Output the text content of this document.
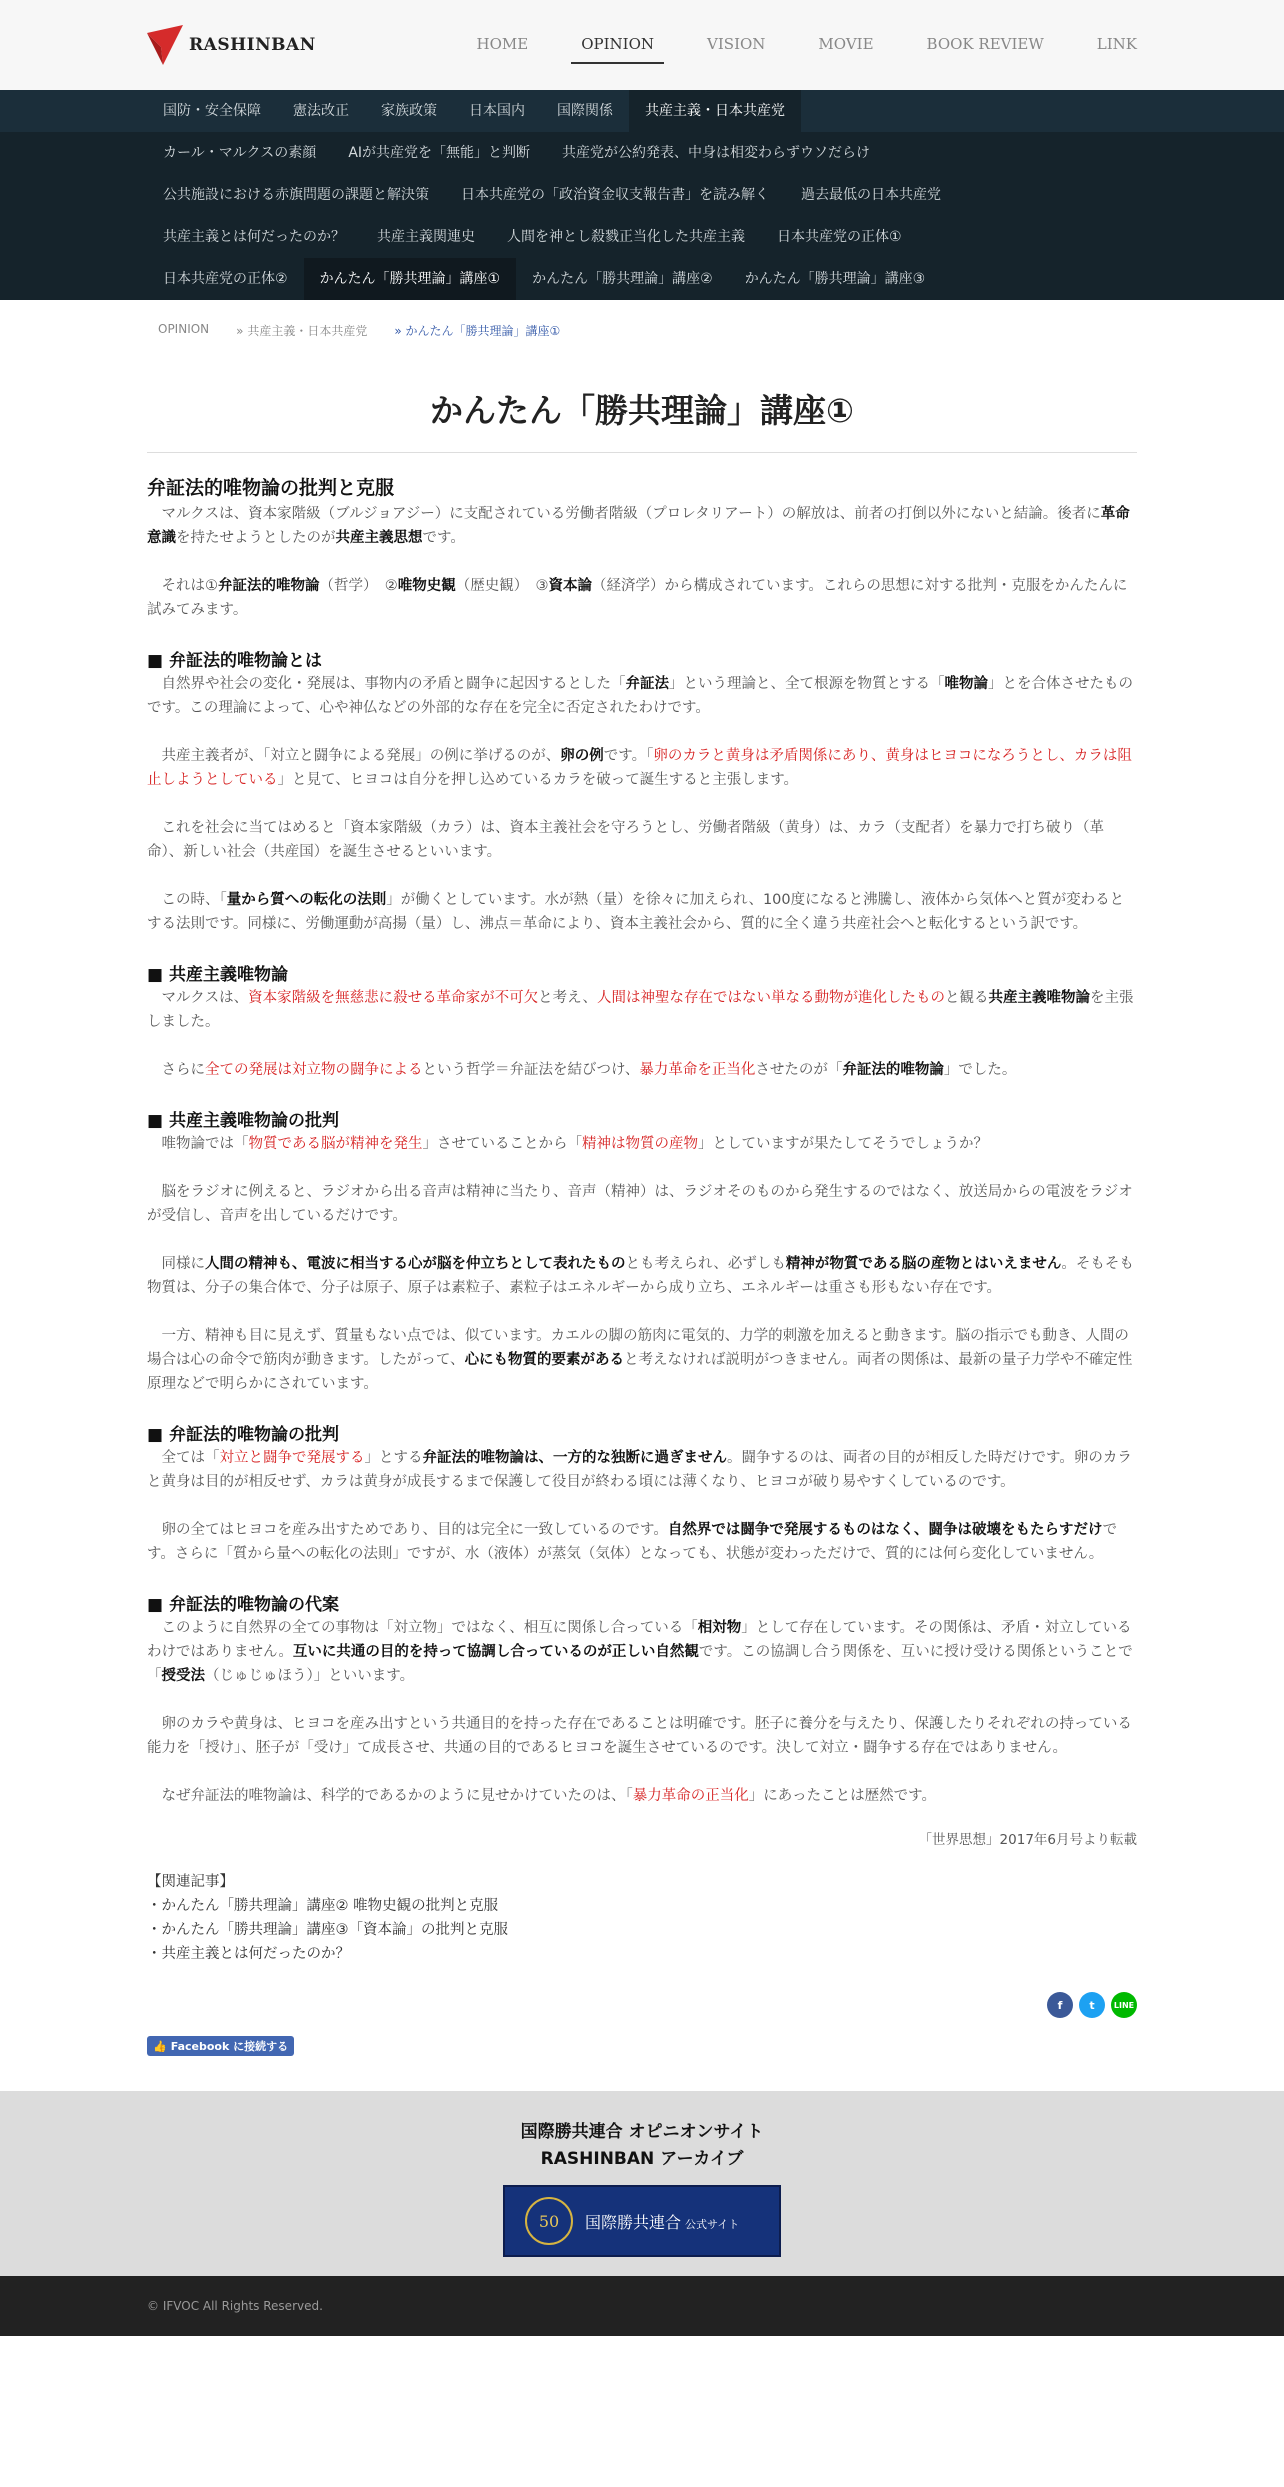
RASHINBAN	HOME	OPINION	VISION	MOVIE	BOOK REVIEW	LINK
国防・安全保障	憲法改正	家族政策	日本国内	国際関係	共産主義・日本共産党
カール・マルクスの素顔	AIが共産党を「無能」と判断	共産党が公約発表、中身は相変わらずウソだらけ
公共施設における赤旗問題の課題と解決策	日本共産党の「政治資金収支報告書」を読み解く	過去最低の日本共産党
共産主義とは何だったのか？	共産主義関連史	人間を神とし殺戮正当化した共産主義	日本共産党の正体①
日本共産党の正体②	かんたん「勝共理論」講座①	かんたん「勝共理論」講座②	かんたん「勝共理論」講座③
OPINION » 共産主義・日本共産党 » かんたん「勝共理論」講座①
かんたん「勝共理論」講座①
弁証法的唯物論の批判と克服

マルクスは、資本家階級（ブルジョアジー）に支配されている労働者階級（プロレタリアート）の解放は、前者の打倒以外にないと結論。後者に革命意識を持たせようとしたのが共産主義思想です。

それは①弁証法的唯物論（哲学）　②唯物史観（歴史観）　③資本論（経済学）から構成されています。これらの思想に対する批判・克服をかんたんに試みてみます。

■ 弁証法的唯物論とは

自然界や社会の変化・発展は、事物内の矛盾と闘争に起因するとした「弁証法」という理論と、全て根源を物質とする「唯物論」とを合体させたものです。この理論によって、心や神仏などの外部的な存在を完全に否定されたわけです。

共産主義者が、「対立と闘争による発展」の例に挙げるのが、卵の例です。「卵のカラと黄身は矛盾関係にあり、黄身はヒヨコになろうとし、カラは阻止しようとしている」と見て、ヒヨコは自分を押し込めているカラを破って誕生すると主張します。

これを社会に当てはめると「資本家階級（カラ）は、資本主義社会を守ろうとし、労働者階級（黄身）は、カラ（支配者）を暴力で打ち破り（革命）、新しい社会（共産国）を誕生させるといいます。

この時、「量から質への転化の法則」が働くとしています。水が熱（量）を徐々に加えられ、100度になると沸騰し、液体から気体へと質が変わるとする法則です。同様に、労働運動が高揚（量）し、沸点＝革命により、資本主義社会から、質的に全く違う共産社会へと転化するという訳です。

■ 共産主義唯物論

マルクスは、資本家階級を無慈悲に殺せる革命家が不可欠と考え、人間は神聖な存在ではない単なる動物が進化したものと観る共産主義唯物論を主張しました。

さらに全ての発展は対立物の闘争によるという哲学＝弁証法を結びつけ、暴力革命を正当化させたのが「弁証法的唯物論」でした。

■ 共産主義唯物論の批判

唯物論では「物質である脳が精神を発生」させていることから「精神は物質の産物」としていますが果たしてそうでしょうか？

脳をラジオに例えると、ラジオから出る音声は精神に当たり、音声（精神）は、ラジオそのものから発生するのではなく、放送局からの電波をラジオが受信し、音声を出しているだけです。

同様に人間の精神も、電波に相当する心が脳を仲立ちとして表れたものとも考えられ、必ずしも精神が物質である脳の産物とはいえません。そもそも物質は、分子の集合体で、分子は原子、原子は素粒子、素粒子はエネルギーから成り立ち、エネルギーは重さも形もない存在です。

一方、精神も目に見えず、質量もない点では、似ています。カエルの脚の筋肉に電気的、力学的刺激を加えると動きます。脳の指示でも動き、人間の場合は心の命令で筋肉が動きます。したがって、心にも物質的要素があると考えなければ説明がつきません。両者の関係は、最新の量子力学や不確定性原理などで明らかにされています。

■ 弁証法的唯物論の批判

全ては「対立と闘争で発展する」とする弁証法的唯物論は、一方的な独断に過ぎません。闘争するのは、両者の目的が相反した時だけです。卵のカラと黄身は目的が相反せず、カラは黄身が成長するまで保護して役目が終わる頃には薄くなり、ヒヨコが破り易やすくしているのです。

卵の全てはヒヨコを産み出すためであり、目的は完全に一致しているのです。自然界では闘争で発展するものはなく、闘争は破壊をもたらすだけです。さらに「質から量への転化の法則」ですが、水（液体）が蒸気（気体）となっても、状態が変わっただけで、質的には何ら変化していません。

■ 弁証法的唯物論の代案

このように自然界の全ての事物は「対立物」ではなく、相互に関係し合っている「相対物」として存在しています。その関係は、矛盾・対立しているわけではありません。互いに共通の目的を持って協調し合っているのが正しい自然観です。この協調し合う関係を、互いに授け受ける関係ということで「授受法（じゅじゅほう）」といいます。

卵のカラや黄身は、ヒヨコを産み出すという共通目的を持った存在であることは明確です。胚子に養分を与えたり、保護したりそれぞれの持っている能力を「授け」、胚子が「受け」て成長させ、共通の目的であるヒヨコを誕生させているのです。決して対立・闘争する存在ではありません。

なぜ弁証法的唯物論は、科学的であるかのように見せかけていたのは、「暴力革命の正当化」にあったことは歴然です。

「世界思想」2017年6月号より転載
【関連記事】
・かんたん「勝共理論」講座② 唯物史観の批判と克服
・かんたん「勝共理論」講座③「資本論」の批判と克服
・共産主義とは何だったのか？
f	t	LINE
👍 Facebook に接続する
国際勝共連合 オピニオンサイト
RASHINBAN アーカイブ
50	国際勝共連合 公式サイト
© IFVOC All Rights Reserved.
